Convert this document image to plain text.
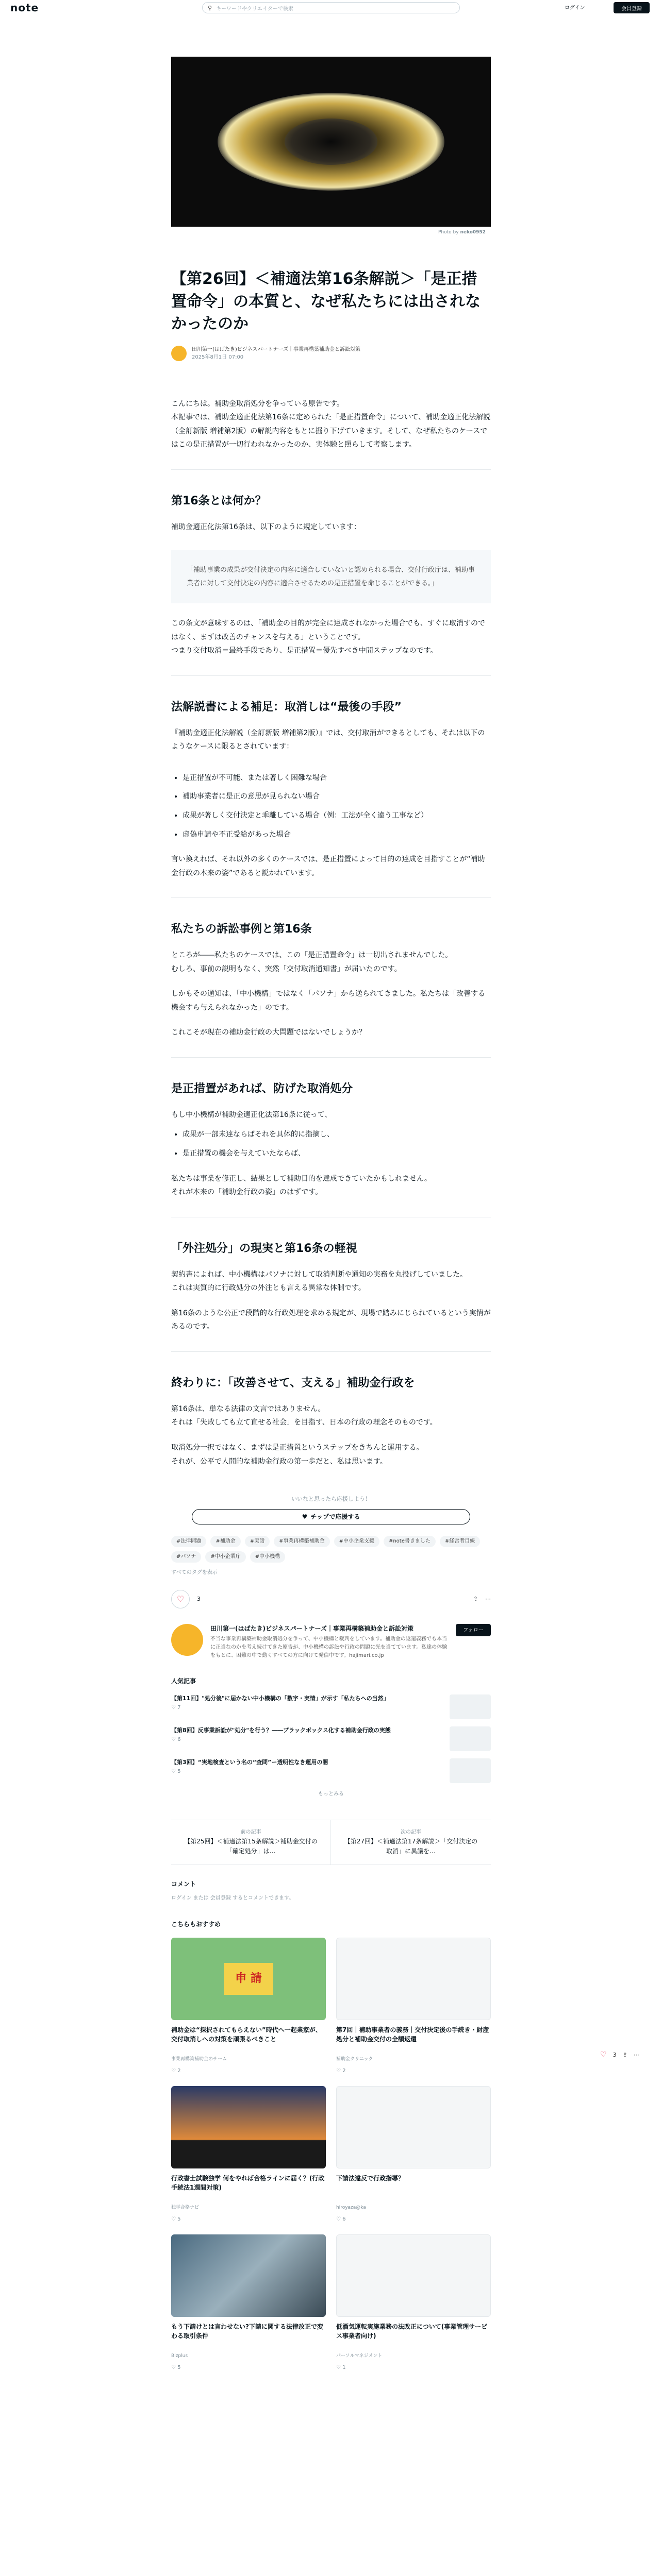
note	⚲ キーワードやクリエイターで検索	ログイン	会員登録
Photo by neko0952
【第26回】＜補適法第16条解説＞「是正措置命令」の本質と、なぜ私たちには出されなかったのか
田川第一(はばたき)ビジネスパートナーズ｜事業再構築補助金と訴訟対策
2025年8月1日 07:00

こんにちは。補助金取消処分を争っている原告です。

本記事では、補助金適正化法第16条に定められた「是正措置命令」について、補助金適正化法解説（全訂新版 増補第2版）の解説内容をもとに掘り下げていきます。そして、なぜ私たちのケースではこの是正措置が一切行われなかったのか、実体験と照らして考察します。

第16条とは何か？

補助金適正化法第16条は、以下のように規定しています：

「補助事業の成果が交付決定の内容に適合していないと認められる場合、交付行政庁は、補助事業者に対して交付決定の内容に適合させるための是正措置を命じることができる。」

この条文が意味するのは、「補助金の目的が完全に達成されなかった場合でも、すぐに取消すのではなく、まずは改善のチャンスを与える」ということです。

つまり交付取消＝最終手段であり、是正措置＝優先すべき中間ステップなのです。

法解説書による補足：取消しは“最後の手段”

『補助金適正化法解説（全訂新版 増補第2版）』では、交付取消ができるとしても、それは以下のようなケースに限るとされています：

• 是正措置が不可能、または著しく困難な場合
• 補助事業者に是正の意思が見られない場合
• 成果が著しく交付決定と乖離している場合（例：工法が全く違う工事など）
• 虚偽申請や不正受給があった場合

言い換えれば、それ以外の多くのケースでは、是正措置によって目的の達成を目指すことが“補助金行政の本来の姿”であると説かれています。

私たちの訴訟事例と第16条

ところが――私たちのケースでは、この「是正措置命令」は一切出されませんでした。

むしろ、事前の説明もなく、突然「交付取消通知書」が届いたのです。

しかもその通知は、「中小機構」ではなく「パソナ」から送られてきました。私たちは「改善する機会すら与えられなかった」のです。

これこそが現在の補助金行政の大問題ではないでしょうか？

是正措置があれば、防げた取消処分

もし中小機構が補助金適正化法第16条に従って、

• 成果が一部未達ならばそれを具体的に指摘し、
• 是正措置の機会を与えていたならば、

私たちは事業を修正し、結果として補助目的を達成できていたかもしれません。

それが本来の「補助金行政の姿」のはずです。

「外注処分」の現実と第16条の軽視

契約書によれば、中小機構はパソナに対して取消判断や通知の実務を丸投げしていました。

これは実質的に行政処分の外注とも言える異常な体制です。

第16条のような公正で段階的な行政処理を求める規定が、現場で踏みにじられているという実情があるのです。

終わりに：「改善させて、支える」補助金行政を

第16条は、単なる法律の文言ではありません。

それは「失敗しても立て直せる社会」を目指す、日本の行政の理念そのものです。

取消処分一択ではなく、まずは是正措置というステップをきちんと運用する。

それが、公平で人間的な補助金行政の第一歩だと、私は思います。

いいなと思ったら応援しよう！
♥ チップで応援する
#法律問題	#補助金	#実話	#事業再構築補助金	#中小企業支援	#note書きました	#経営者目線
#パソナ	#中小企業庁	#中小機構
すべてのタグを表示
♡ 3	⇪ ⋯
田川第一(はばたき)ビジネスパートナーズ｜事業再構築補助金と訴訟対策
不当な事業再構築補助金取消処分を争って、中小機構と裁判をしています。補助金の返還義務でも本当に正当なのかを考え続けてきた原告が、中小機構の訴訟や行政の問題に光を当てています。私達の体験をもとに、困難の中で動くすべての方に向けて発信中です。hajimari.co.jp
フォロー
人気記事
【第11回】"処分後"に届かない中小機構の「数字・実情」が示す「私たちへの当然」
♡ 7
【第8回】反事業訴訟が"処分"を行う？――ブラックボックス化する補助金行政の実態
♡ 6
【第3回】“実地検査という名の“査問”ー透明性なき運用の闇
♡ 5
もっとみる
前の記事
【第25回】＜補適法第15条解説＞補助金交付の「確定処分」は…
次の記事
【第27回】＜補適法第17条解説＞「交付決定の取消」に異議を…
コメント
ログイン または 会員登録 するとコメントできます。
こちらもおすすめ
申 請
補助金は“採択されてもらえない”時代へ一起業家が、交付取消しへの対策を頑張るべきこと
事業再構築補助金のチーム
♡ 2
第7回｜補助事業者の義務｜交付決定後の手続き・財産処分と補助金交付の全額返還
補助金クリニック
♡ 2
行政書士試験独学 何をやれば合格ラインに届く？(行政手続法1週間対策)
独学合格ナビ
♡ 5
下請法違反で行政指導？
hiroyaza@ka
♡ 6
もう下請けとは言わせない?下請に関する法律改正で変わる取引条件
Bizplus
♡ 5
低酒気運転実施業務の法改正について(事業管理サービス事業者向け)
パーソルマネジメント
♡ 1
♡ 3 ⇪ ⋯
